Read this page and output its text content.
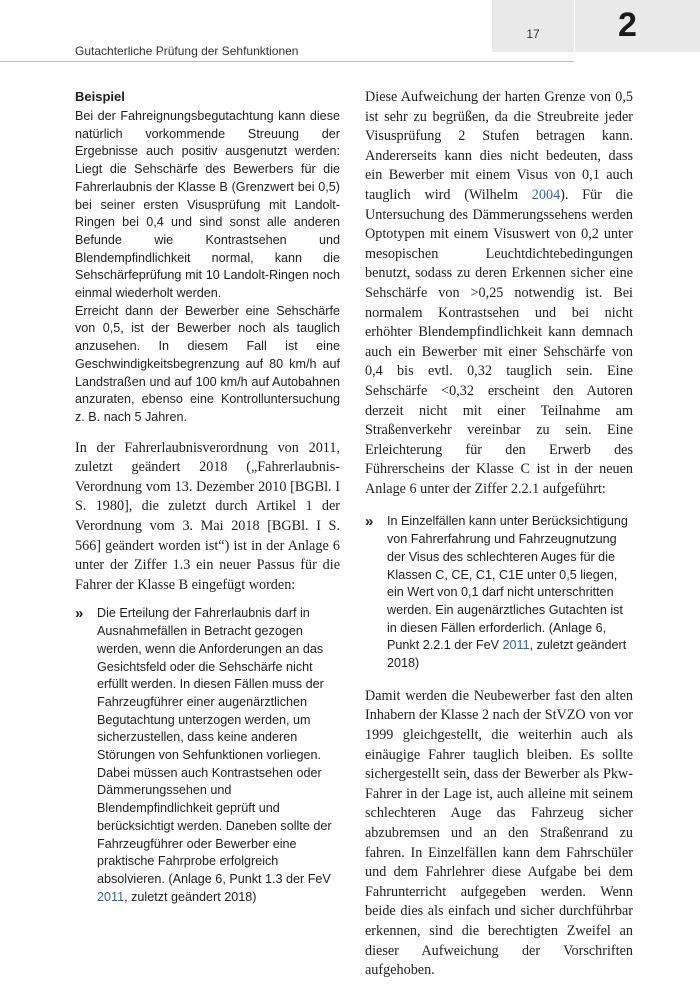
17	2
Gutachterliche Prüfung der Sehfunktionen
Beispiel

Bei der Fahreignungsbegutachtung kann diese natürlich vorkommende Streuung der Ergebnisse auch positiv ausgenutzt werden: Liegt die Sehschärfe des Bewerbers für die Fahrerlaubnis der Klasse B (Grenzwert bei 0,5) bei seiner ersten Visusprüfung mit Landolt-Ringen bei 0,4 und sind sonst alle anderen Befunde wie Kontrastsehen und Blendempfindlichkeit normal, kann die Sehschärfeprüfung mit 10 Landolt-Ringen noch einmal wiederholt werden.

Erreicht dann der Bewerber eine Sehschärfe von 0,5, ist der Bewerber noch als tauglich anzusehen. In diesem Fall ist eine Geschwindigkeitsbegrenzung auf 80 km/h auf Landstraßen und auf 100 km/h auf Autobahnen anzuraten, ebenso eine Kontrolluntersuchung z. B. nach 5 Jahren.

In der Fahrerlaubnisverordnung von 2011, zuletzt geändert 2018 („Fahrerlaubnis-Verordnung vom 13. Dezember 2010 [BGBl. I S. 1980], die zuletzt durch Artikel 1 der Verordnung vom 3. Mai 2018 [BGBl. I S. 566] geändert worden ist“) ist in der Anlage 6 unter der Ziffer 1.3 ein neuer Passus für die Fahrer der Klasse B eingefügt worden:

»	Die Erteilung der Fahrerlaubnis darf in Ausnahmefällen in Betracht gezogen werden, wenn die Anforderungen an das Gesichtsfeld oder die Sehschärfe nicht erfüllt werden. In diesen Fällen muss der Fahrzeugführer einer augenärztlichen Begutachtung unterzogen werden, um sicherzustellen, dass keine anderen Störungen von Sehfunktionen vorliegen. Dabei müssen auch Kontrastsehen oder Dämmerungssehen und Blendempfindlichkeit geprüft und berücksichtigt werden. Daneben sollte der Fahrzeugführer oder Bewerber eine praktische Fahrprobe erfolgreich absolvieren. (Anlage 6, Punkt 1.3 der FeV 2011, zuletzt geändert 2018)

Diese Aufweichung der harten Grenze von 0,5 ist sehr zu begrüßen, da die Streubreite jeder Visusprüfung 2 Stufen betragen kann. Andererseits kann dies nicht bedeuten, dass ein Bewerber mit einem Visus von 0,1 auch tauglich wird (Wilhelm 2004). Für die Untersuchung des Dämmerungssehens werden Optotypen mit einem Visuswert von 0,2 unter mesopischen Leuchtdichtebedingungen benutzt, sodass zu deren Erkennen sicher eine Sehschärfe von >0,25 notwendig ist. Bei normalem Kontrastsehen und bei nicht erhöhter Blendempfindlichkeit kann demnach auch ein Bewerber mit einer Sehschärfe von 0,4 bis evtl. 0,32 tauglich sein. Eine Sehschärfe <0,32 erscheint den Autoren derzeit nicht mit einer Teilnahme am Straßenverkehr vereinbar zu sein. Eine Erleichterung für den Erwerb des Führerscheins der Klasse C ist in der neuen Anlage 6 unter der Ziffer 2.2.1 aufgeführt:

»	In Einzelfällen kann unter Berücksichtigung von Fahrerfahrung und Fahrzeugnutzung der Visus des schlechteren Auges für die Klassen C, CE, C1, C1E unter 0,5 liegen, ein Wert von 0,1 darf nicht unterschritten werden. Ein augenärztliches Gutachten ist in diesen Fällen erforderlich. (Anlage 6, Punkt 2.2.1 der FeV 2011, zuletzt geändert 2018)

Damit werden die Neubewerber fast den alten Inhabern der Klasse 2 nach der StVZO von vor 1999 gleichgestellt, die weiterhin auch als einäugige Fahrer tauglich bleiben. Es sollte sichergestellt sein, dass der Bewerber als Pkw-Fahrer in der Lage ist, auch alleine mit seinem schlechteren Auge das Fahrzeug sicher abzubremsen und an den Straßenrand zu fahren. In Einzelfällen kann dem Fahrschüler und dem Fahrlehrer diese Aufgabe bei dem Fahrunterricht aufgegeben werden. Wenn beide dies als einfach und sicher durchführbar erkennen, sind die berechtigten Zweifel an dieser Aufweichung der Vorschriften aufgehoben.
